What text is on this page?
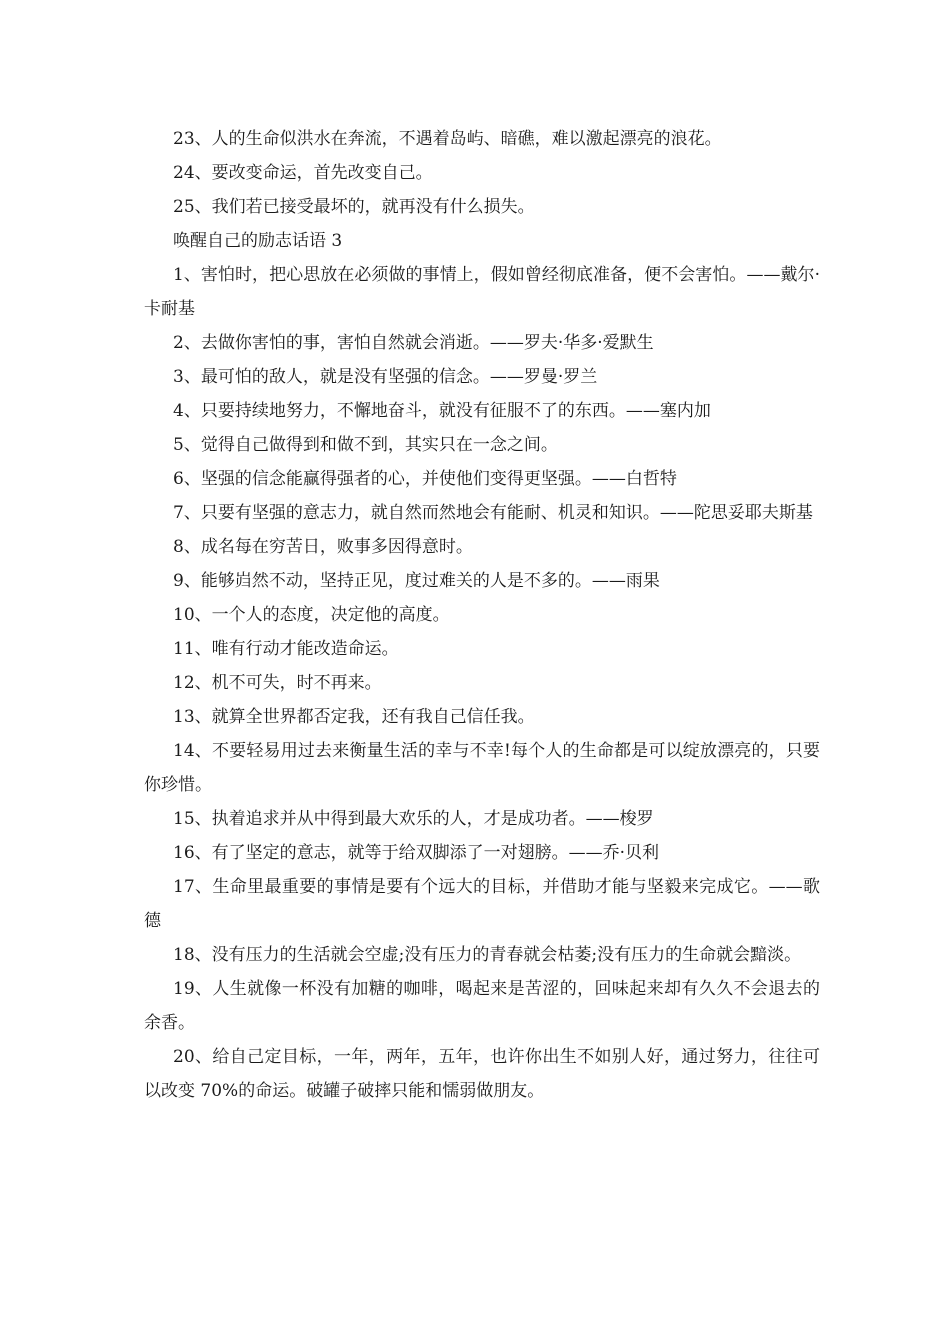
23、人的生命似洪水在奔流，不遇着岛屿、暗礁，难以激起漂亮的浪花。

24、要改变命运，首先改变自己。

25、我们若已接受最坏的，就再没有什么损失。

唤醒自己的励志话语 3

1、害怕时，把心思放在必须做的事情上，假如曾经彻底准备，便不会害怕。——戴尔·卡耐基

2、去做你害怕的事，害怕自然就会消逝。——罗夫·华多·爱默生

3、最可怕的敌人，就是没有坚强的信念。——罗曼·罗兰

4、只要持续地努力，不懈地奋斗，就没有征服不了的东西。——塞内加

5、觉得自己做得到和做不到，其实只在一念之间。

6、坚强的信念能赢得强者的心，并使他们变得更坚强。——白哲特

7、只要有坚强的意志力，就自然而然地会有能耐、机灵和知识。——陀思妥耶夫斯基

8、成名每在穷苦日，败事多因得意时。

9、能够岿然不动，坚持正见，度过难关的人是不多的。——雨果

10、一个人的态度，决定他的高度。

11、唯有行动才能改造命运。

12、机不可失，时不再来。

13、就算全世界都否定我，还有我自己信任我。

14、不要轻易用过去来衡量生活的幸与不幸!每个人的生命都是可以绽放漂亮的，只要你珍惜。

15、执着追求并从中得到最大欢乐的人，才是成功者。——梭罗

16、有了坚定的意志，就等于给双脚添了一对翅膀。——乔·贝利

17、生命里最重要的事情是要有个远大的目标，并借助才能与坚毅来完成它。——歌德

18、没有压力的生活就会空虚;没有压力的青春就会枯萎;没有压力的生命就会黯淡。

19、人生就像一杯没有加糖的咖啡，喝起来是苦涩的，回味起来却有久久不会退去的余香。

20、给自己定目标，一年，两年，五年，也许你出生不如别人好，通过努力，往往可以改变 70%的命运。破罐子破摔只能和懦弱做朋友。
